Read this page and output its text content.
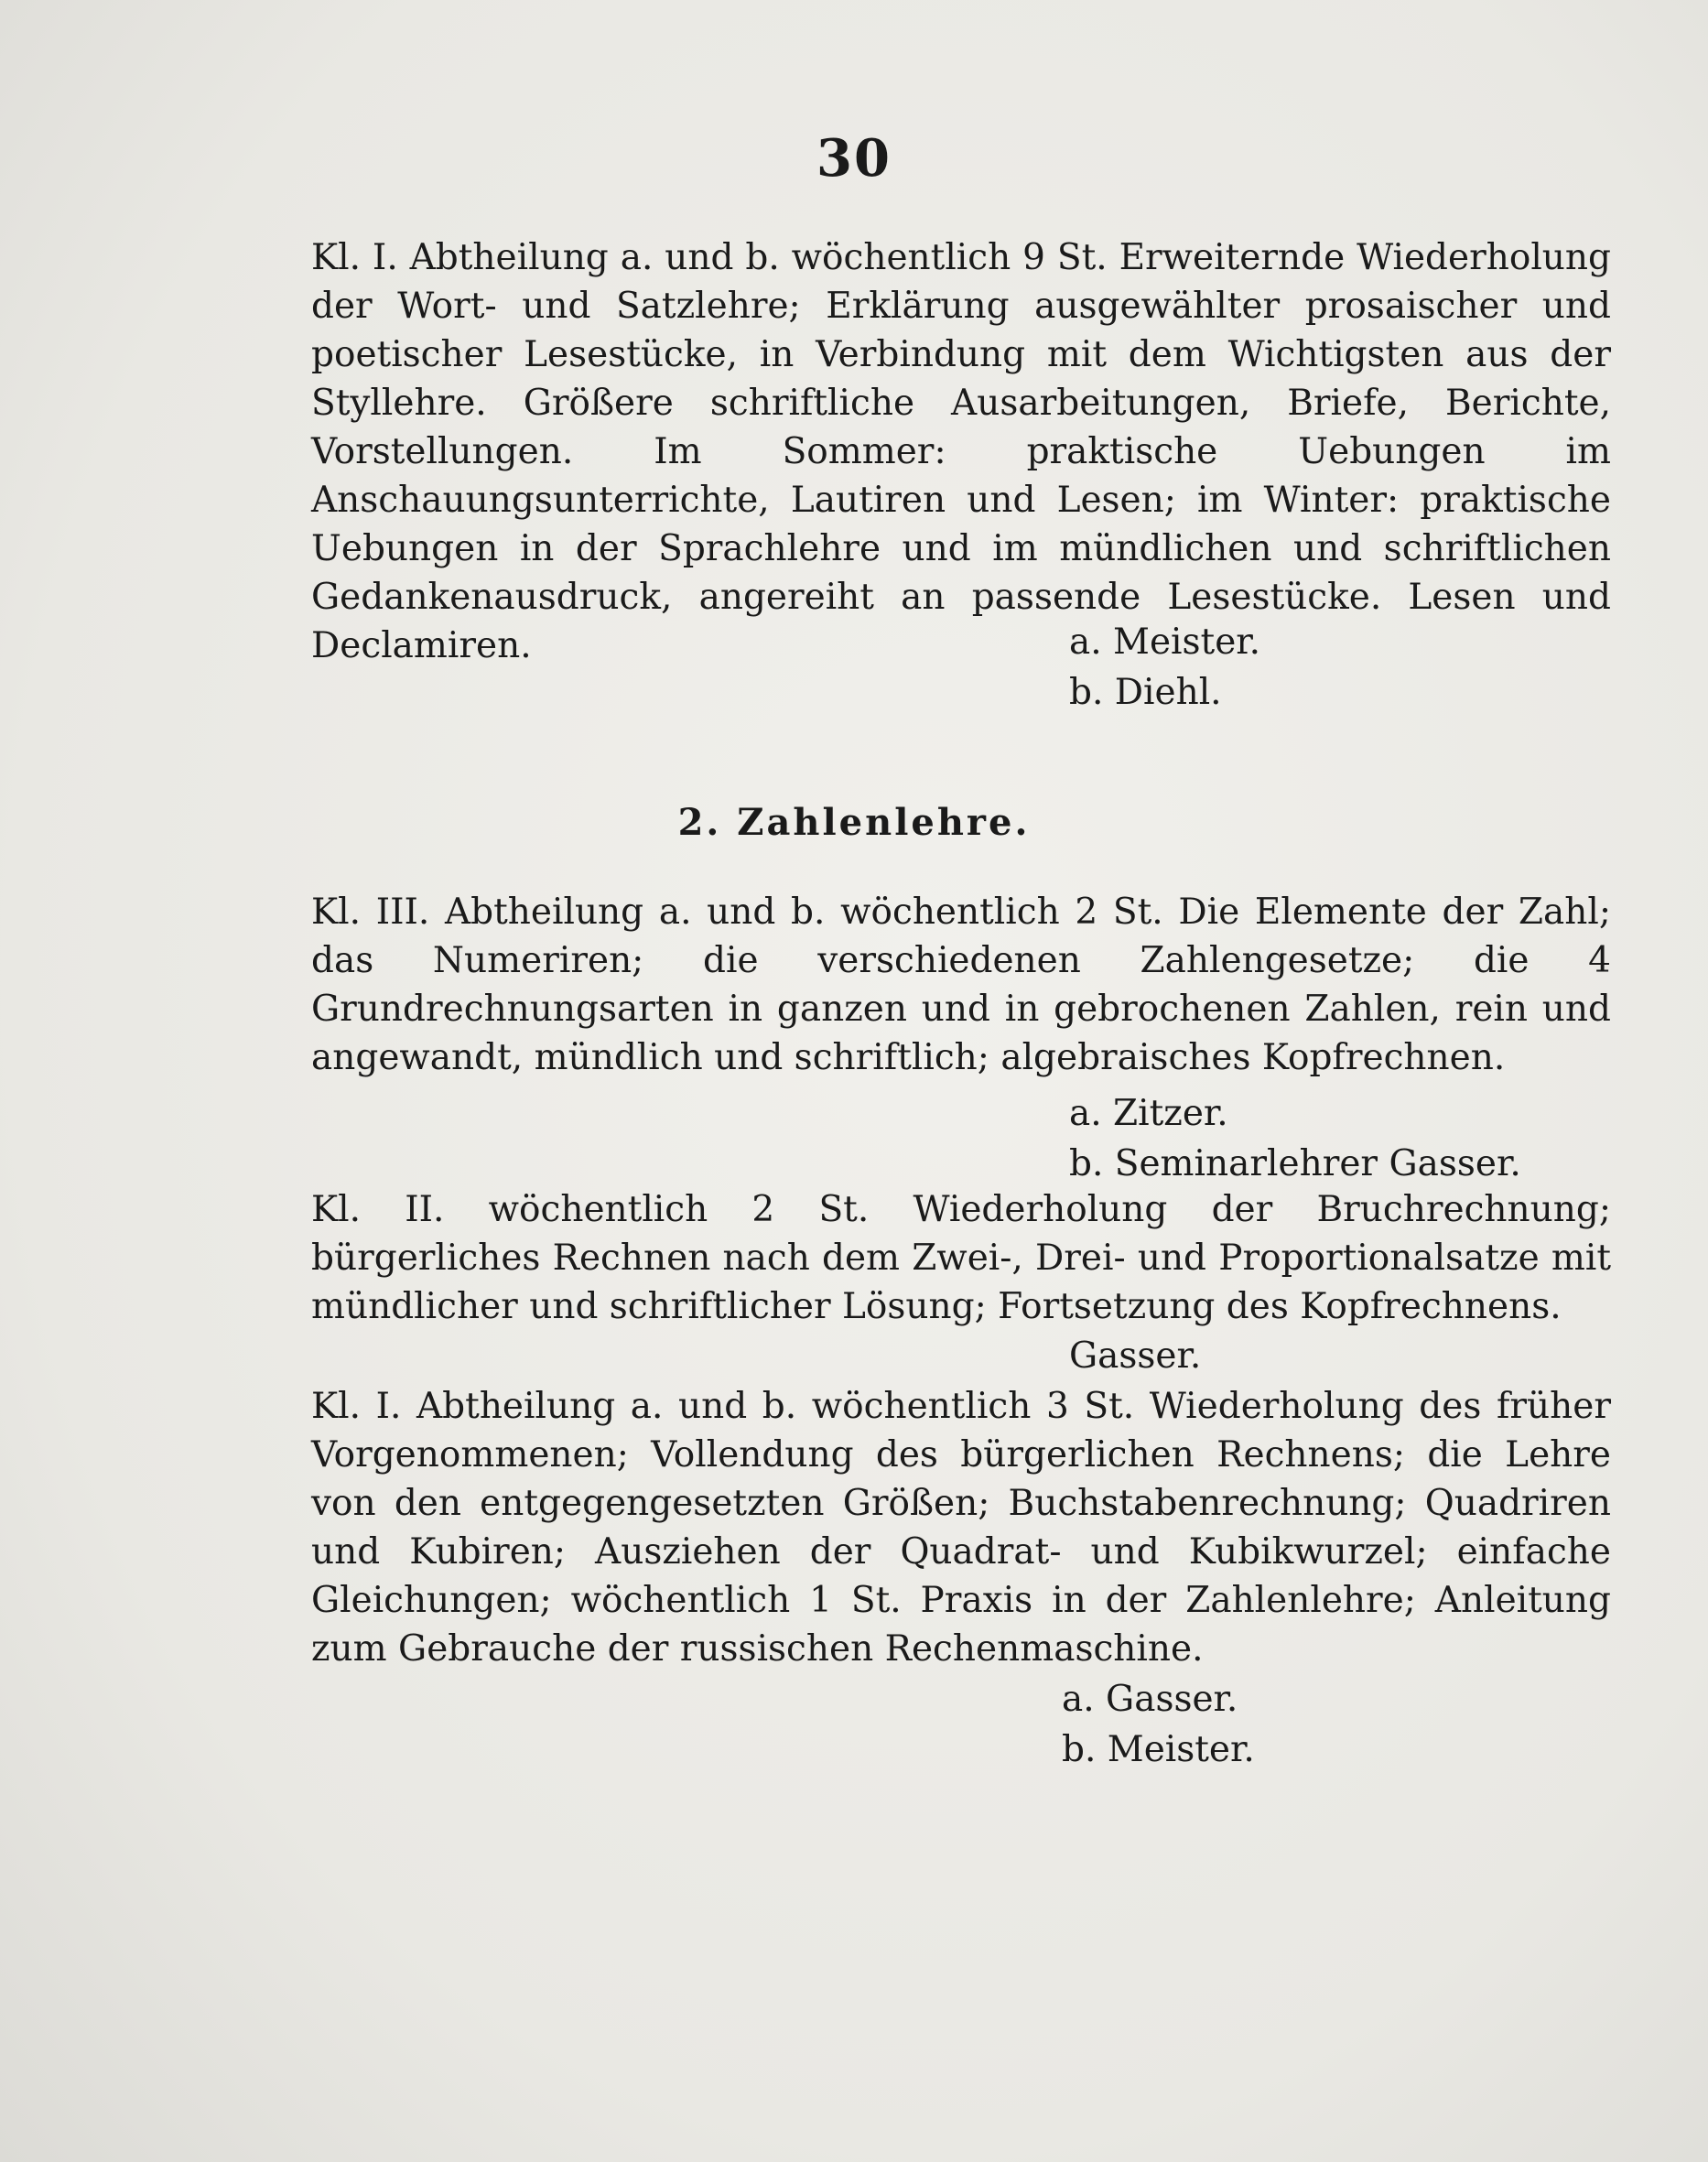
30
Kl. I. Abtheilung a. und b. wöchentlich 9 St. Erweiternde Wiederholung der Wort- und Satzlehre; Erklärung ausgewählter prosaischer und poetischer Lesestücke, in Verbindung mit dem Wichtigsten aus der Styllehre. Größere schriftliche Ausarbeitungen, Briefe, Berichte, Vorstellungen. Im Sommer: praktische Uebungen im Anschauungsunterrichte, Lautiren und Lesen; im Winter: praktische Uebungen in der Sprachlehre und im mündlichen und schriftlichen Gedankenausdruck, angereiht an passende Lesestücke. Lesen und Declamiren.	a. Meister.
b. Diehl.
2. Zahlenlehre.
Kl. III. Abtheilung a. und b. wöchentlich 2 St. Die Elemente der Zahl; das Numeriren; die verschiedenen Zahlengesetze; die 4 Grundrechnungsarten in ganzen und in gebrochenen Zahlen, rein und angewandt, mündlich und schriftlich; algebraisches Kopfrechnen.
a. Zitzer.
b. Seminarlehrer Gasser.
Kl. II. wöchentlich 2 St. Wiederholung der Bruchrechnung; bürgerliches Rechnen nach dem Zwei-, Drei- und Proportionalsatze mit mündlicher und schriftlicher Lösung; Fortsetzung des Kopfrechnens.
Gasser.
Kl. I. Abtheilung a. und b. wöchentlich 3 St. Wiederholung des früher Vorgenommenen; Vollendung des bürgerlichen Rechnens; die Lehre von den entgegengesetzten Größen; Buchstabenrechnung; Quadriren und Kubiren; Ausziehen der Quadrat- und Kubikwurzel; einfache Gleichungen; wöchentlich 1 St. Praxis in der Zahlenlehre; Anleitung zum Gebrauche der russischen Rechenmaschine.
a. Gasser.
b. Meister.
